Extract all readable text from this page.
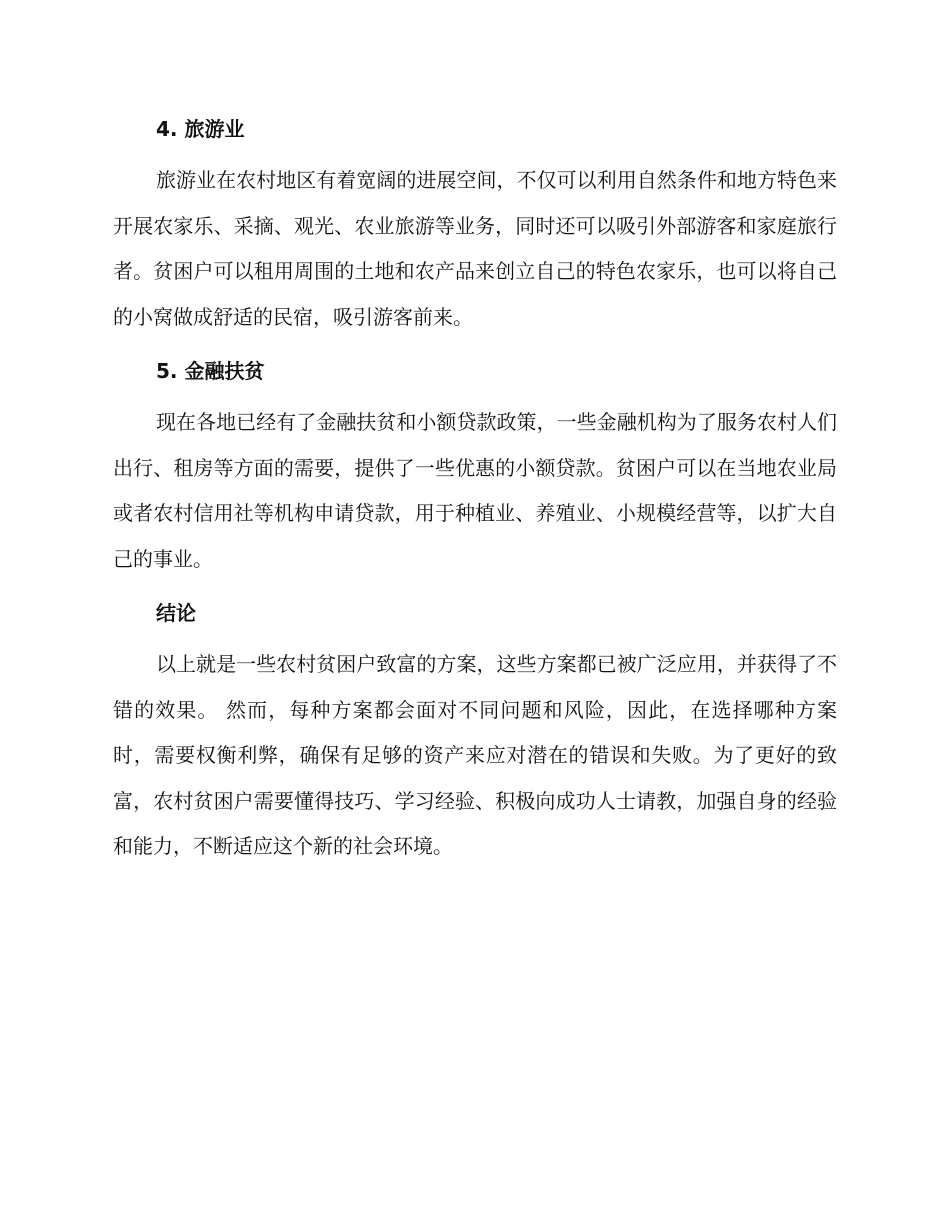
4. 旅游业

旅游业在农村地区有着宽阔的进展空间，不仅可以利用自然条件和地方特色来开展农家乐、采摘、观光、农业旅游等业务，同时还可以吸引外部游客和家庭旅行者。贫困户可以租用周围的土地和农产品来创立自己的特色农家乐，也可以将自己的小窝做成舒适的民宿，吸引游客前来。

5. 金融扶贫

现在各地已经有了金融扶贫和小额贷款政策，一些金融机构为了服务农村人们出行、租房等方面的需要，提供了一些优惠的小额贷款。贫困户可以在当地农业局或者农村信用社等机构申请贷款，用于种植业、养殖业、小规模经营等，以扩大自己的事业。

结论

以上就是一些农村贫困户致富的方案，这些方案都已被广泛应用，并获得了不错的效果。 然而，每种方案都会面对不同问题和风险，因此，在选择哪种方案时，需要权衡利弊，确保有足够的资产来应对潜在的错误和失败。为了更好的致富，农村贫困户需要懂得技巧、学习经验、积极向成功人士请教，加强自身的经验和能力，不断适应这个新的社会环境。
